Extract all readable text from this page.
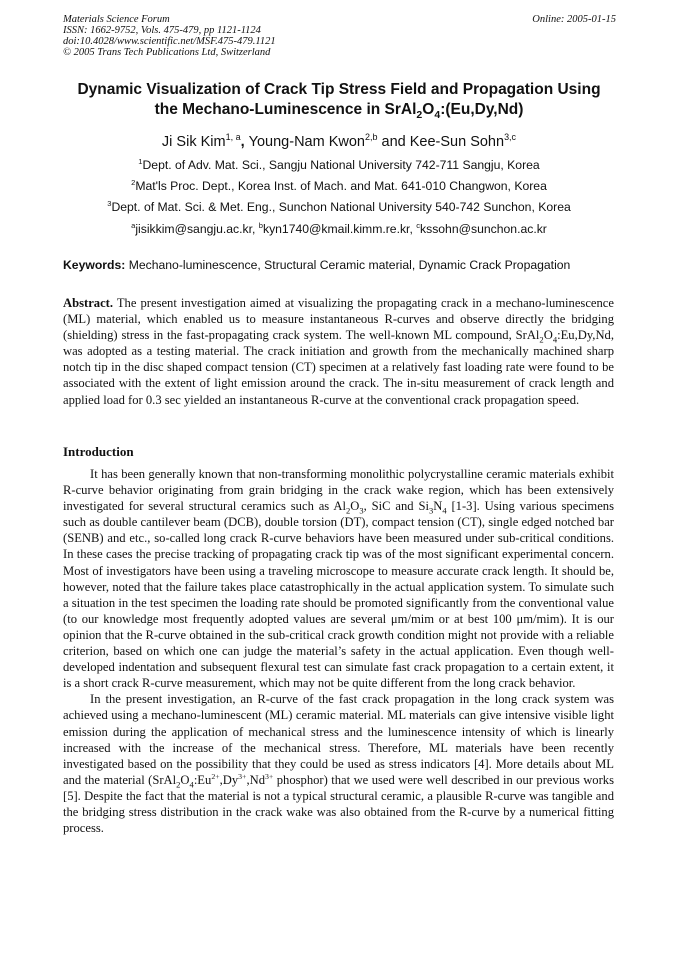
Materials Science Forum
ISSN: 1662-9752, Vols. 475-479, pp 1121-1124
doi:10.4028/www.scientific.net/MSF.475-479.1121
© 2005 Trans Tech Publications Ltd, Switzerland
Online: 2005-01-15
Dynamic Visualization of Crack Tip Stress Field and Propagation Using
the Mechano-Luminescence in $SrAl_2O_4:(Eu,Dy,Nd)$
Ji Sik Kim$^{1, a}$, Young-Nam Kwon$^{2,b}$ and Kee-Sun Sohn$^{3,c}$
$^1$Dept. of Adv. Mat. Sci., Sangju National University 742-711 Sangju, Korea
$^2$Mat'ls Proc. Dept., Korea Inst. of Mach. and Mat. 641-010 Changwon, Korea
$^3$Dept. of Mat. Sci. & Met. Eng., Sunchon National University 540-742 Sunchon, Korea
$^a$jisikkim@sangju.ac.kr, $^b$kyn1740@kmail.kimm.re.kr, $^c$kssohn@sunchon.ac.kr
Keywords: Mechano-luminescence, Structural Ceramic material, Dynamic Crack Propagation
Abstract. The present investigation aimed at visualizing the propagating crack in a mechano-luminescence (ML) material, which enabled us to measure instantaneous R-curves and observe directly the bridging (shielding) stress in the fast-propagating crack system. The well-known ML compound, $SrAl_2O_4:Eu,Dy,Nd$, was adopted as a testing material. The crack initiation and growth from the mechanically machined sharp notch tip in the disc shaped compact tension (CT) specimen at a relatively fast loading rate were found to be associated with the extent of light emission around the crack. The in-situ measurement of crack length and applied load for 0.3 sec yielded an instantaneous R-curve at the conventional crack propagation speed.
Introduction

It has been generally known that non-transforming monolithic polycrystalline ceramic materials exhibit R-curve behavior originating from grain bridging in the crack wake region, which has been extensively investigated for several structural ceramics such as $Al_2O_3$, SiC and $Si_3N_4$ [1-3]. Using various specimens such as double cantilever beam (DCB), double torsion (DT), compact tension (CT), single edged notched bar (SENB) and etc., so-called long crack R-curve behaviors have been measured under sub-critical conditions. In these cases the precise tracking of propagating crack tip was of the most significant experimental concern. Most of investigators have been using a traveling microscope to measure accurate crack length. It should be, however, noted that the failure takes place catastrophically in the actual application system. To simulate such a situation in the test specimen the loading rate should be promoted significantly from the conventional value (to our knowledge most frequently adopted values are several μm/mim or at best 100 μm/mim). It is our opinion that the R-curve obtained in the sub-critical crack growth condition might not provide with a reliable criterion, based on which one can judge the material’s safety in the actual application. Even though well-developed indentation and subsequent flexural test can simulate fast crack propagation to a certain extent, it is a short crack R-curve measurement, which may not be quite different from the long crack behavior.

In the present investigation, an R-curve of the fast crack propagation in the long crack system was achieved using a mechano-luminescent (ML) ceramic material. ML materials can give intensive visible light emission during the application of mechanical stress and the luminescence intensity of which is linearly increased with the increase of the mechanical stress. Therefore, ML materials have been recently investigated based on the possibility that they could be used as stress indicators [4]. More details about ML and the material ($SrAl_2O_4:Eu^{2+},Dy^{3+},Nd^{3+}$ phosphor) that we used were well described in our previous works [5]. Despite the fact that the material is not a typical structural ceramic, a plausible R-curve was tangible and the bridging stress distribution in the crack wake was also obtained from the R-curve by a numerical fitting process.
